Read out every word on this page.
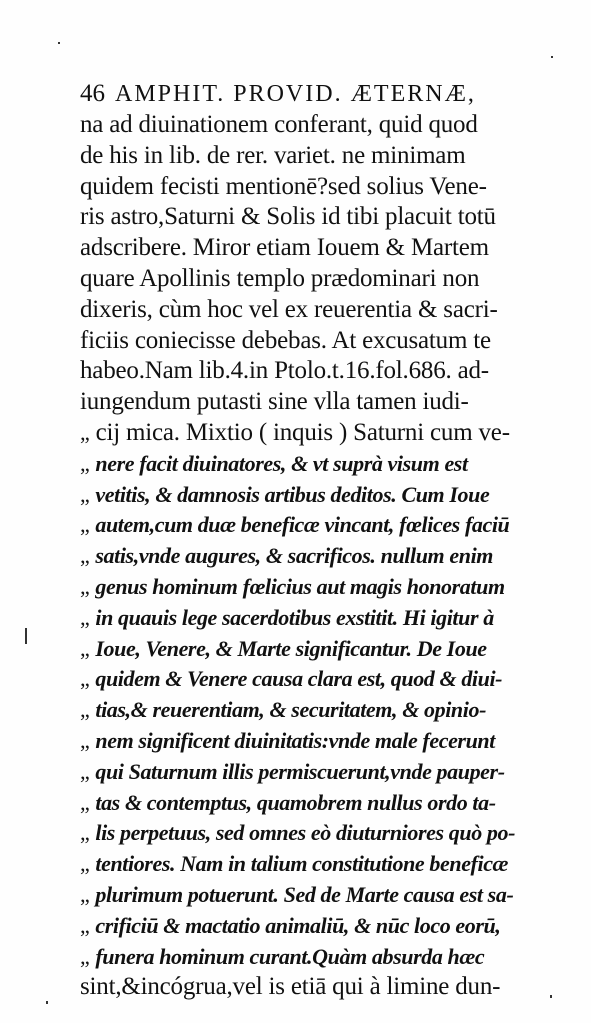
46 AMPHIT. PROVID. ÆTERNÆ,
na ad diuinationem conferant, quid quod
de his in lib. de rer. variet. ne minimam
quidem fecisti mentionē?sed solius Vene-
ris astro,Saturni & Solis id tibi placuit totū
adscribere. Miror etiam Iouem & Martem
quare Apollinis templo prædominari non
dixeris, cùm hoc vel ex reuerentia & sacri-
ficiis coniecisse debebas. At excusatum te
habeo.Nam lib.4.in Ptolo.t.16.fol.686. ad-
iungendum putasti sine vlla tamen iudi-
„ cij mica. Mixtio ( inquis ) Saturni cum ve-
„ nere facit diuinatores, & vt suprà visum est
„ vetitis, & damnosis artibus deditos. Cum Ioue
„ autem,cum duæ beneficæ vincant, fœlices faciū
„ satis,vnde augures, & sacrificos. nullum enim
„ genus hominum fœlicius aut magis honoratum
„ in quauis lege sacerdotibus exstitit. Hi igitur à
„ Ioue, Venere, & Marte significantur. De Ioue
„ quidem & Venere causa clara est, quod & diui-
„ tias,& reuerentiam, & securitatem, & opinio-
„ nem significent diuinitatis:vnde male fecerunt
„ qui Saturnum illis permiscuerunt,vnde pauper-
„ tas & contemptus, quamobrem nullus ordo ta-
„ lis perpetuus, sed omnes eò diuturniores quò po-
„ tentiores. Nam in talium constitutione beneficæ
„ plurimum potuerunt. Sed de Marte causa est sa-
„ crificiū & mactatio animaliū, & nūc loco eorū,
„ funera hominum curant.Quàm absurda hæc
sint,&incógrua,vel is etiā qui à limine dun-
